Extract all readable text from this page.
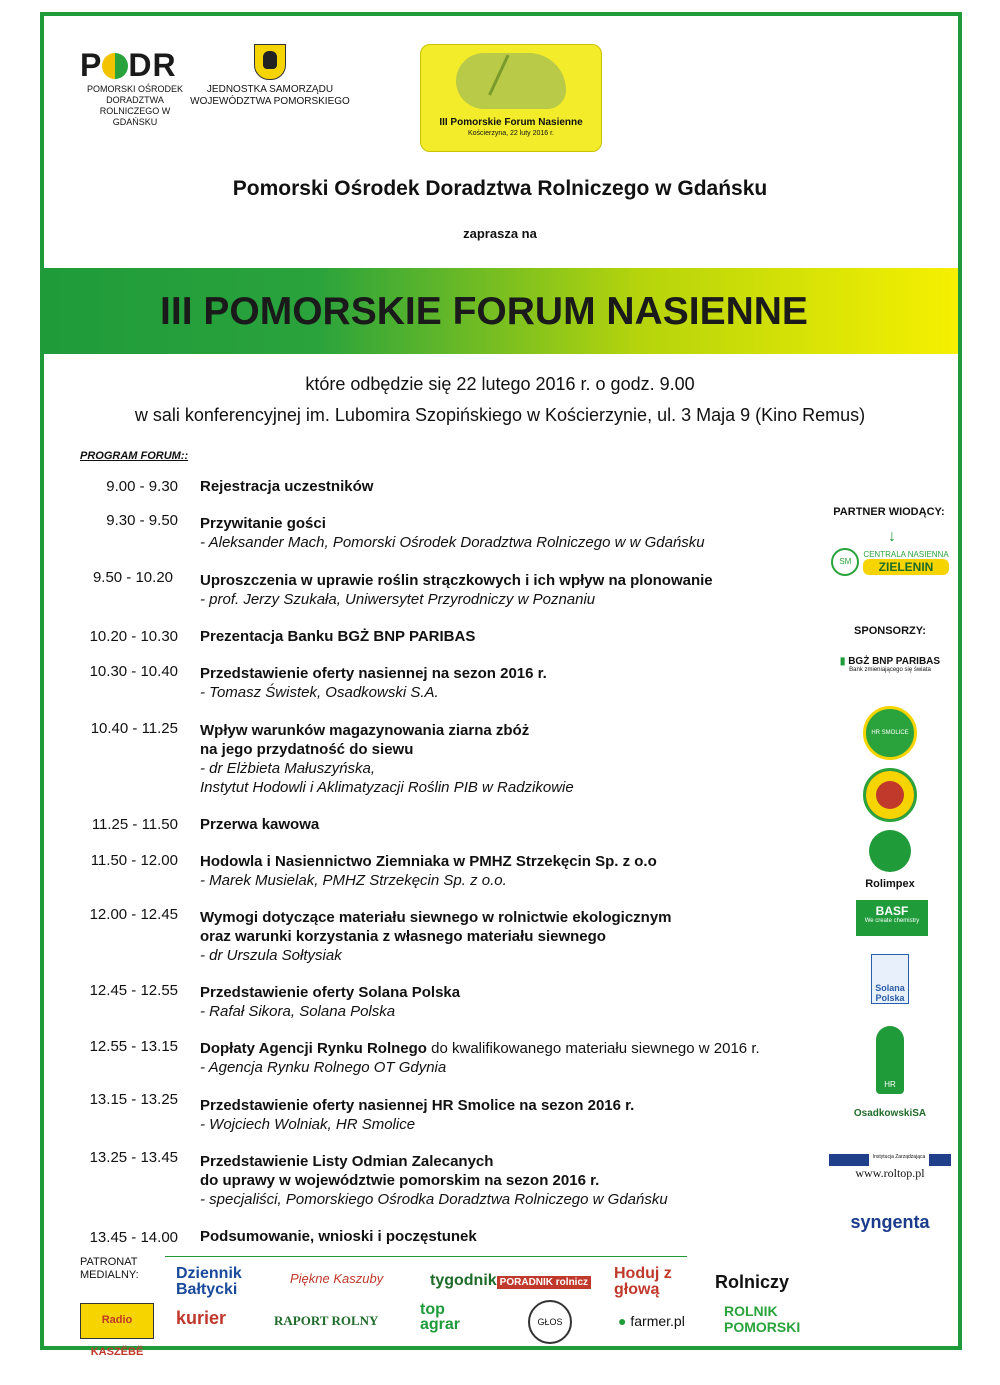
P DR
POMORSKI OŚRODEK DORADZTWA ROLNICZEGO W GDAŃSKU
JEDNOSTKA SAMORZĄDU WOJEWÓDZTWA POMORSKIEGO
III Pomorskie Forum Nasienne
Kościerzyna, 22 luty 2016 r.
Pomorski Ośrodek Doradztwa Rolniczego w Gdańsku
zaprasza na
III POMORSKIE FORUM NASIENNE
które odbędzie się 22 lutego 2016 r. o godz. 9.00
w sali konferencyjnej im. Lubomira Szopińskiego w Kościerzynie, ul. 3 Maja 9 (Kino Remus)
PROGRAM FORUM::
9.00 - 9.30 Rejestracja uczestników
9.30 - 9.50 Przywitanie gości
- Aleksander Mach, Pomorski Ośrodek Doradztwa Rolniczego w w Gdańsku
9.50 - 10.20 Uproszczenia w uprawie roślin strączkowych i ich wpływ na plonowanie
- prof. Jerzy Szukała, Uniwersytet Przyrodniczy w Poznaniu
10.20 - 10.30 Prezentacja Banku BGŻ BNP PARIBAS
10.30 - 10.40 Przedstawienie oferty nasiennej na sezon 2016 r.
- Tomasz Świstek, Osadkowski S.A.
10.40 - 11.25 Wpływ warunków magazynowania ziarna zbóż
na jego przydatność do siewu
- dr Elżbieta Małuszyńska,
Instytut Hodowli i Aklimatyzacji Roślin PIB w Radzikowie
11.25 - 11.50 Przerwa kawowa
11.50 - 12.00 Hodowla i Nasiennictwo Ziemniaka w PMHZ Strzekęcin Sp. z o.o
- Marek Musielak, PMHZ Strzekęcin Sp. z o.o.
12.00 - 12.45 Wymogi dotyczące materiału siewnego w rolnictwie ekologicznym
oraz warunki korzystania z własnego materiału siewnego
- dr Urszula Sołtysiak
12.45 - 12.55 Przedstawienie oferty Solana Polska
- Rafał Sikora, Solana Polska
12.55 - 13.15 Dopłaty Agencji Rynku Rolnego do kwalifikowanego materiału siewnego w 2016 r.
- Agencja Rynku Rolnego OT Gdynia
13.15 - 13.25 Przedstawienie oferty nasiennej HR Smolice na sezon 2016 r.
- Wojciech Wolniak, HR Smolice
13.25 - 13.45 Przedstawienie Listy Odmian Zalecanych
do uprawy w województwie pomorskim na sezon 2016 r.
- specjaliści, Pomorskiego Ośrodka Doradztwa Rolniczego w Gdańsku
13.45 - 14.00 Podsumowanie, wnioski i poczęstunek
PARTNER WIODĄCY:
↓
SM
CENTRALA NASIENNA
ZIELENIN
SPONSORZY:
▮ BGŻ BNP PARIBAS
Bank zmieniającego się świata
HR SMOLICE
Rolimpex
BASF
We create chemistry
Solana Polska
HR
OsadkowskiSA
Instytucja Zarządzająca
www.roltop.pl
syngenta
PATRONAT MEDIALNY:	Dziennik Bałtycki
Piękne Kaszuby	tygodnik PORADNIK rolnicz
Hoduj z głową	Rolniczy
Radio KASZËBË
kurier	RAPORT ROLNY
top agrar	GŁOS	● farmer.pl
ROLNIK POMORSKI
